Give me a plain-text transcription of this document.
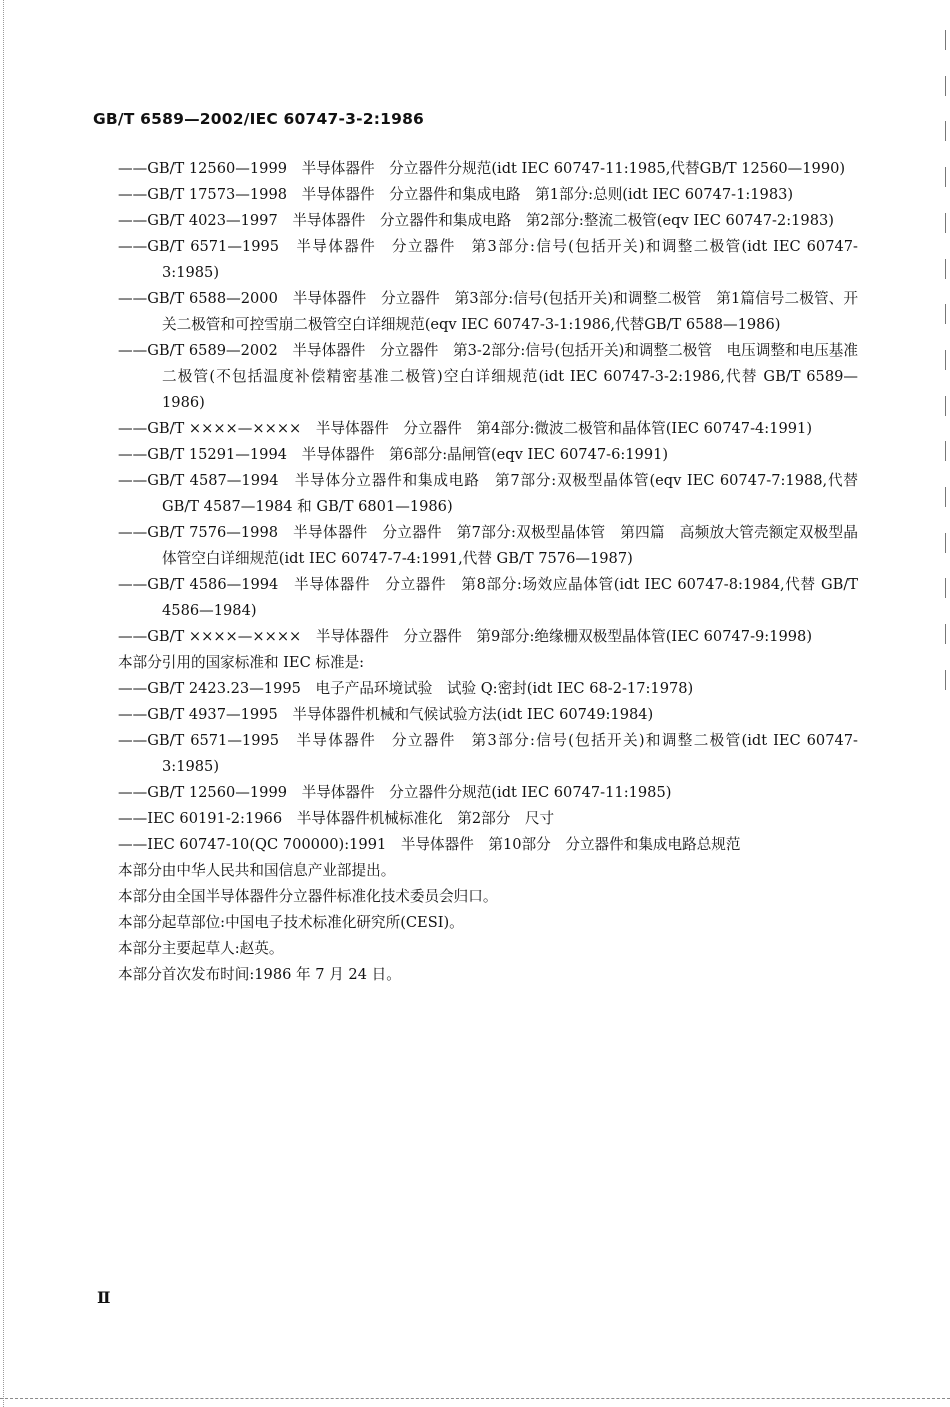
GB/T 6589—2002/IEC 60747-3-2:1986
——GB/T 12560—1999　半导体器件　分立器件分规范(idt IEC 60747-11:1985,代替GB/T 12560—1990)
——GB/T 17573—1998　半导体器件　分立器件和集成电路　第1部分:总则(idt IEC 60747-1:1983)
——GB/T 4023—1997　半导体器件　分立器件和集成电路　第2部分:整流二极管(eqv IEC 60747-2:1983)
——GB/T 6571—1995　半导体器件　分立器件　第3部分:信号(包括开关)和调整二极管(idt IEC 60747-3:1985)
——GB/T 6588—2000　半导体器件　分立器件　第3部分:信号(包括开关)和调整二极管　第1篇信号二极管、开关二极管和可控雪崩二极管空白详细规范(eqv IEC 60747-3-1:1986,代替GB/T 6588—1986)
——GB/T 6589—2002　半导体器件　分立器件　第3-2部分:信号(包括开关)和调整二极管　电压调整和电压基准二极管(不包括温度补偿精密基准二极管)空白详细规范(idt IEC 60747-3-2:1986,代替 GB/T 6589—1986)
——GB/T ××××—××××　半导体器件　分立器件　第4部分:微波二极管和晶体管(IEC 60747-4:1991)
——GB/T 15291—1994　半导体器件　第6部分:晶闸管(eqv IEC 60747-6:1991)
——GB/T 4587—1994　半导体分立器件和集成电路　第7部分:双极型晶体管(eqv IEC 60747-7:1988,代替 GB/T 4587—1984 和 GB/T 6801—1986)
——GB/T 7576—1998　半导体器件　分立器件　第7部分:双极型晶体管　第四篇　高频放大管壳额定双极型晶体管空白详细规范(idt IEC 60747-7-4:1991,代替 GB/T 7576—1987)
——GB/T 4586—1994　半导体器件　分立器件　第8部分:场效应晶体管(idt IEC 60747-8:1984,代替 GB/T 4586—1984)
——GB/T ××××—××××　半导体器件　分立器件　第9部分:绝缘栅双极型晶体管(IEC 60747-9:1998)
本部分引用的国家标准和 IEC 标准是:
——GB/T 2423.23—1995　电子产品环境试验　试验 Q:密封(idt IEC 68-2-17:1978)
——GB/T 4937—1995　半导体器件机械和气候试验方法(idt IEC 60749:1984)
——GB/T 6571—1995　半导体器件　分立器件　第3部分:信号(包括开关)和调整二极管(idt IEC 60747-3:1985)
——GB/T 12560—1999　半导体器件　分立器件分规范(idt IEC 60747-11:1985)
——IEC 60191-2:1966　半导体器件机械标准化　第2部分　尺寸
——IEC 60747-10(QC 700000):1991　半导体器件　第10部分　分立器件和集成电路总规范
本部分由中华人民共和国信息产业部提出。
本部分由全国半导体器件分立器件标准化技术委员会归口。
本部分起草部位:中国电子技术标准化研究所(CESI)。
本部分主要起草人:赵英。
本部分首次发布时间:1986 年 7 月 24 日。
Ⅱ
